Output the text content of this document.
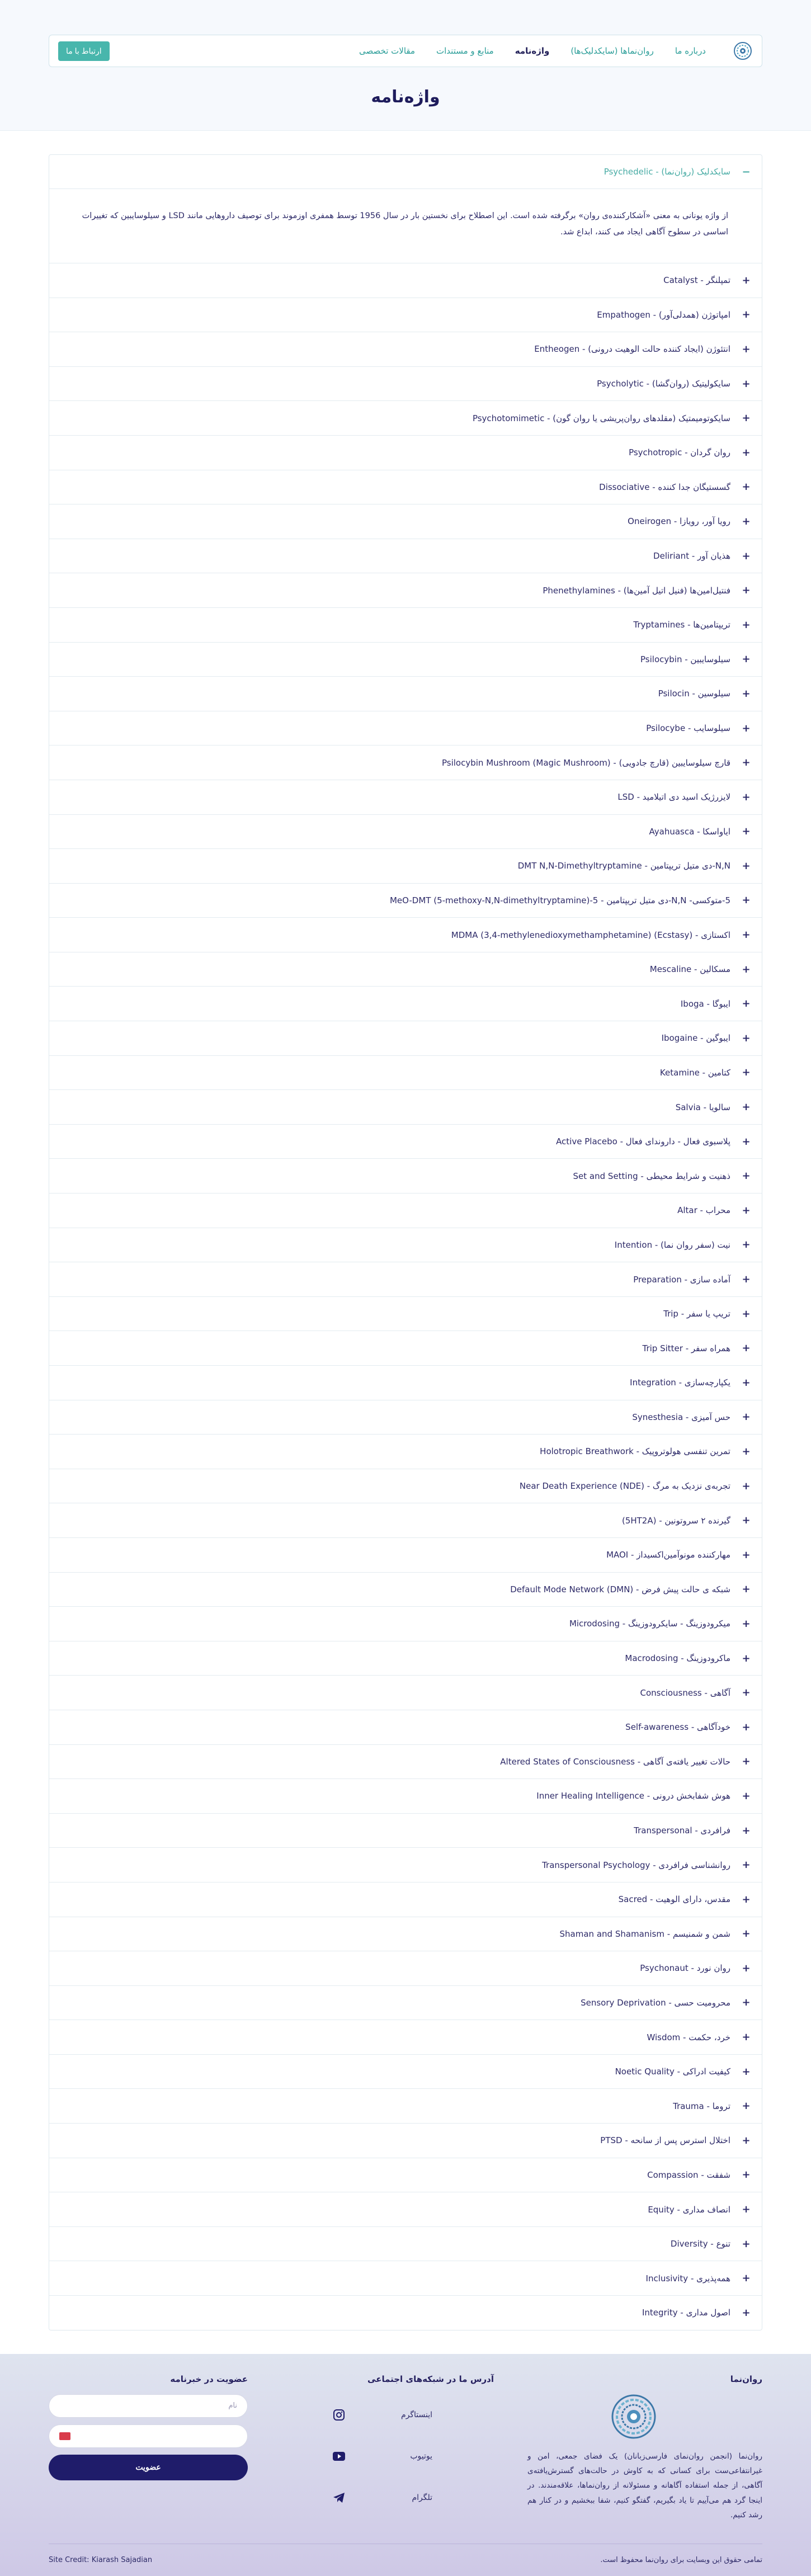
درباره ما
روان‌نماها (سایکدلیک‌ها)
واژه‌نامه
منابع و مستندات
مقالات تخصصی
ارتباط با ما
واژه‌نامه
−
سایکدلیک (روان‌نما) - Psychedelic
از واژه یونانی به معنی «آشکارکننده‌ی روان» برگرفته شده است. این اصطلاح برای نخستین بار در سال 1956 توسط همفری اوزموند برای توصیف داروهایی مانند LSD و سیلوسایبین که تغییرات اساسی در سطوح آگاهی ایجاد می کنند، ابداع شد.
+
تمپلنگر - Catalyst
+
امپاتوژن (همدلی‌آور) - Empathogen
+
انتئوژن (ایجاد کننده حالت الوهیت درونی) - Entheogen
+
سایکولیتیک (روان‌گشا) - Psycholytic
+
سایکوتومیمتیک (مقلدهای روان‌پریشی یا روان گون) - Psychotomimetic
+
روان گردان - Psychotropic
+
گسستیگان جدا کننده - Dissociative
+
رویا آور، رویازا - Oneirogen
+
هذیان آور - Deliriant
+
فنتیل‌امین‌ها (فنیل اتیل آمین‌ها) - Phenethylamines
+
تریپتامین‌ها - Tryptamines
+
سیلوسایبین - Psilocybin
+
سیلوسین - Psilocin
+
سیلوسایب - Psilocybe
+
قارچ سیلوسایبین (قارچ جادویی) - Psilocybin Mushroom (Magic Mushroom)
+
لایزرژیک اسید دی اتیلامید - LSD
+
ایاواسکا - Ayahuasca
+
N,N-دی متیل تریپتامین - DMT N,N-Dimethyltryptamine
+
5-متوکسی- N,N-دی متیل تریپتامین - MeO-DMT (5-methoxy-N,N-dimethyltryptamine)-5
+
اکستازی - MDMA (3,4-methylenedioxymethamphetamine) (Ecstasy)
+
مسکالین - Mescaline
+
ایبوگا - Iboga
+
ایبوگین - Ibogaine
+
کتامین - Ketamine
+
سالویا - Salvia
+
پلاسبوی فعال - داروندای فعال - Active Placebo
+
ذهنیت و شرایط محیطی - Set and Setting
+
محراب - Altar
+
نیت (سفر روان نما) - Intention
+
آماده سازی - Preparation
+
تریپ یا سفر - Trip
+
همراه سفر - Trip Sitter
+
یکپارچه‌سازی - Integration
+
حس آمیزی - Synesthesia
+
تمرین تنفسی هولوتروپیک - Holotropic Breathwork
+
تجربه‌ی نزدیک به مرگ - Near Death Experience (NDE)
+
گیرنده ۲ سروتونین - (5HT2A)
+
مهارکننده مونوآمین‌اکسیداز - MAOI
+
شبکه ی حالت پیش فرض - Default Mode Network (DMN)
+
میکرودوزینگ - سایکرودوزینگ - Microdosing
+
ماکرودوزینگ - Macrodosing
+
آگاهی - Consciousness
+
خودآگاهی - Self-awareness
+
حالات تغییر یافته‌ی آگاهی - Altered States of Consciousness
+
هوش شفابخش درونی - Inner Healing Intelligence
+
فرافردی - Transpersonal
+
روانشناسی فرافردی - Transpersonal Psychology
+
مقدس، دارای الوهیت - Sacred
+
شمن و شمنیسم - Shaman and Shamanism
+
روان نورد - Psychonaut
+
محرومیت حسی - Sensory Deprivation
+
خرد، حکمت - Wisdom
+
کیفیت ادراکی - Noetic Quality
+
تروما - Trauma
+
اختلال استرس پس از سانحه - PTSD
+
شفقت - Compassion
+
انصاف مداری - Equity
+
تنوع - Diversity
+
همه‌پذیری - Inclusivity
+
اصول مداری - Integrity
روان‌نما

روان‌نما (انجمن روان‌نمای فارسی‌زبانان) یک فضای جمعی، امن و غیرانتفاعی‌ست برای کسانی که به کاوش در حالت‌های گسترش‌یافته‌ی آگاهی، از جمله استفاده آگاهانه و مسئولانه از روان‌نماها، علاقه‌مندند. در اینجا گرد هم می‌آییم تا یاد بگیریم، گفتگو کنیم، شفا ببخشیم و در کنار هم رشد کنیم.

آدرس ما در شبکه‌های اجتماعی
اینستاگرم
یوتیوب
تلگرام
عضویت در خبرنامه
نام
عضویت
تمامی حقوق این وبسایت برای روان‌نما محفوظ است.
Site Credit: Kiarash Sajadian
